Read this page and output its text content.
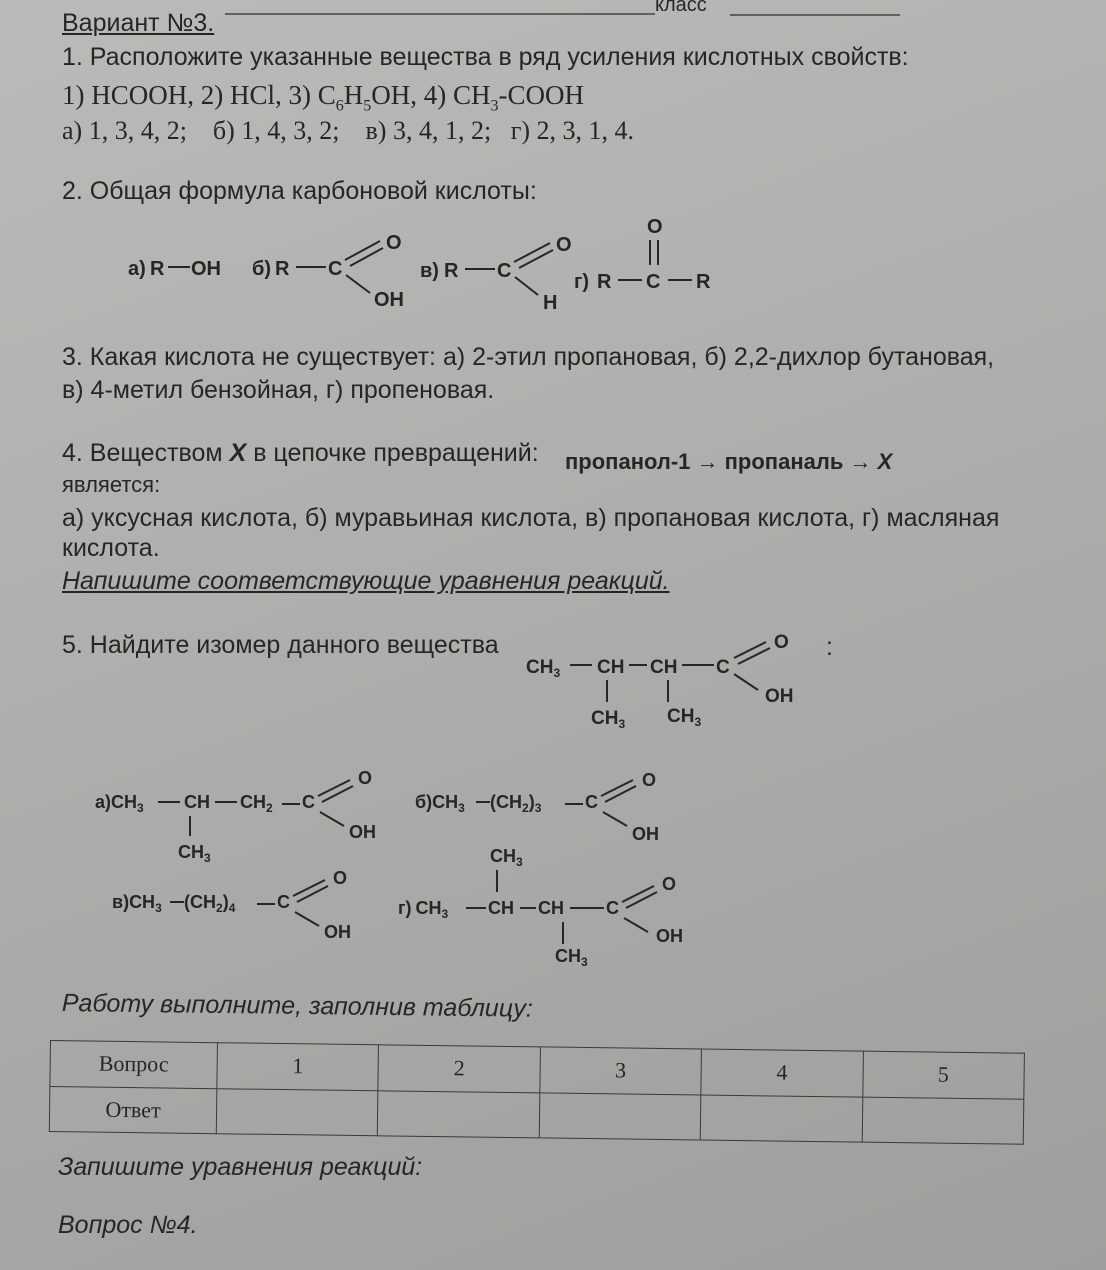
класс
Вариант №3.
1. Расположите указанные вещества в ряд усиления кислотных свойств:
1) HCOOH, 2) HCl, 3) $C_6H_5OH$, 4) $CH_3$-COOH
а) 1, 3, 4, 2;    б) 1, 4, 3, 2;    в) 3, 4, 1, 2;   г) 2, 3, 1, 4.
2. Общая формула карбоновой кислоты:
а) R OH б) R C
O
OH
в) R C
O
H
г) R C R
O
3. Какая кислота не существует: а) 2-этил пропановая, б) 2,2-дихлор бутановая,
в) 4-метил бензойная, г) пропеновая.
4. Веществом X в цепочке превращений: пропанол-1 → пропаналь → X
является:
а) уксусная кислота, б) муравьиная кислота, в) пропановая кислота, г) масляная
кислота.
Напишите соответствующие уравнения реакций.
5. Найдите изомер данного вещества	:
$CH_3$ CH CH C
O
OH
$CH_3$ $CH_3$
$а)CH_3$ CH $CH_2$ C
O
OH
$CH_3$
$б)CH_3$ $(CH_2)_3$ C
O
OH
$в)CH_3$ $(CH_2)_4$ C
O
OH
г) $CH_3$ CH CH C
O
OH
$CH_3$
$CH_3$
Работу выполните, заполнив таблицу:
Вопрос	1	2	3	4	5
Ответ					
Запишите уравнения реакций:
Вопрос №4.
